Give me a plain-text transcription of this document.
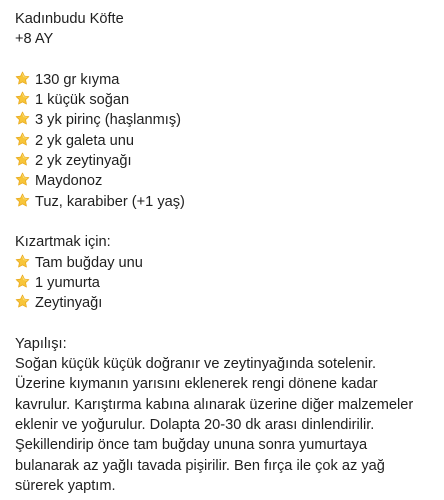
Kadınbudu Köfte
+8 AY
130 gr kıyma
1 küçük soğan
3 yk pirinç (haşlanmış)
2 yk galeta unu
2 yk zeytinyağı
Maydonoz
Tuz, karabiber (+1 yaş)
Kızartmak için:
Tam buğday unu
1 yumurta
Zeytinyağı
Yapılışı:
Soğan küçük küçük doğranır ve zeytinyağında sotelenir. Üzerine kıymanın yarısını eklenerek rengi dönene kadar kavrulur. Karıştırma kabına alınarak üzerine diğer malzemeler eklenir ve yoğurulur. Dolapta 20-30 dk arası dinlendirilir. Şekillendirip önce tam buğday ununa sonra yumurtaya bulanarak az yağlı tavada pişirilir. Ben fırça ile çok az yağ sürerek yaptım.
